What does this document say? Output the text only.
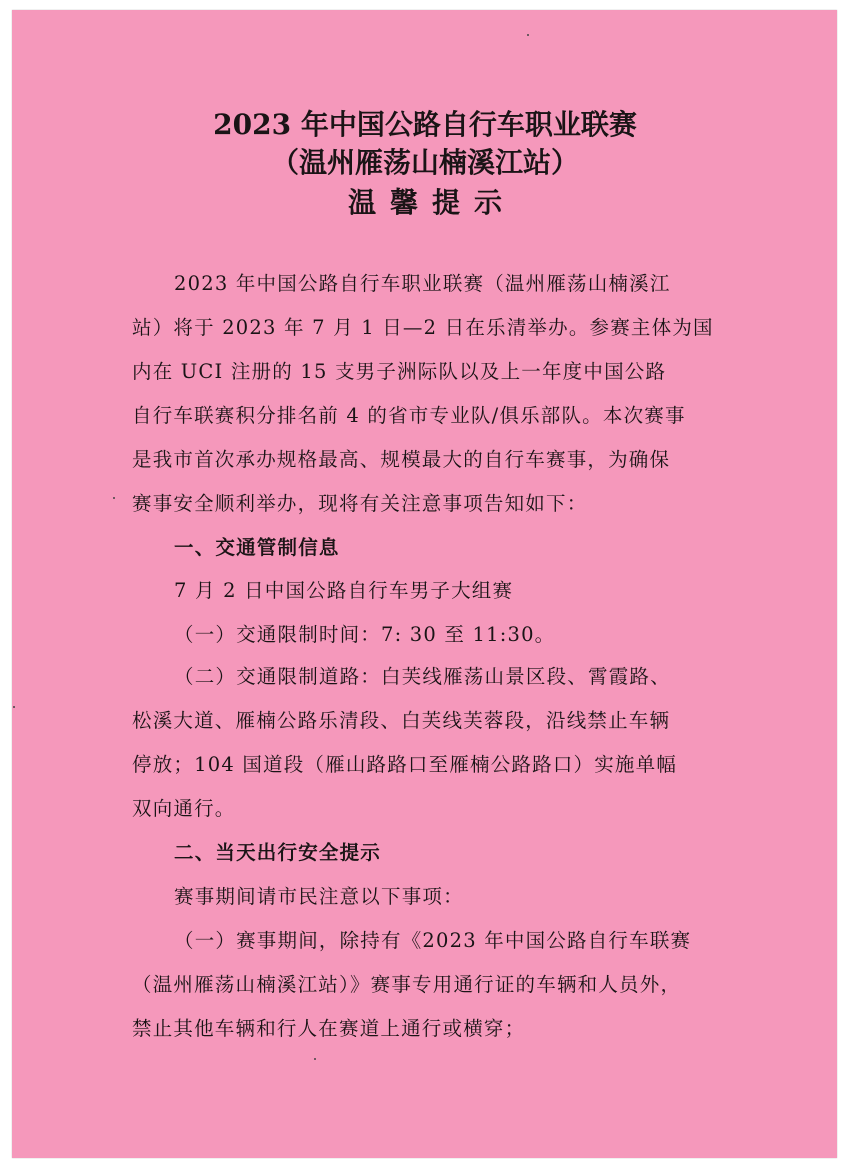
2023 年中国公路自行车职业联赛
（温州雁荡山楠溪江站）
温馨提示
2023 年中国公路自行车职业联赛（温州雁荡山楠溪江
站）将于 2023 年 7 月 1 日—2 日在乐清举办。参赛主体为国
内在 UCI 注册的 15 支男子洲际队以及上一年度中国公路
自行车联赛积分排名前 4 的省市专业队/俱乐部队。本次赛事
是我市首次承办规格最高、规模最大的自行车赛事，为确保
赛事安全顺利举办，现将有关注意事项告知如下：
一、交通管制信息
7 月 2 日中国公路自行车男子大组赛
（一）交通限制时间：7: 30 至 11:30。
（二）交通限制道路：白芙线雁荡山景区段、霄霞路、
松溪大道、雁楠公路乐清段、白芙线芙蓉段，沿线禁止车辆
停放；104 国道段（雁山路路口至雁楠公路路口）实施单幅
双向通行。
二、当天出行安全提示
赛事期间请市民注意以下事项：
（一）赛事期间，除持有《2023 年中国公路自行车联赛
（温州雁荡山楠溪江站）》赛事专用通行证的车辆和人员外，
禁止其他车辆和行人在赛道上通行或横穿；
